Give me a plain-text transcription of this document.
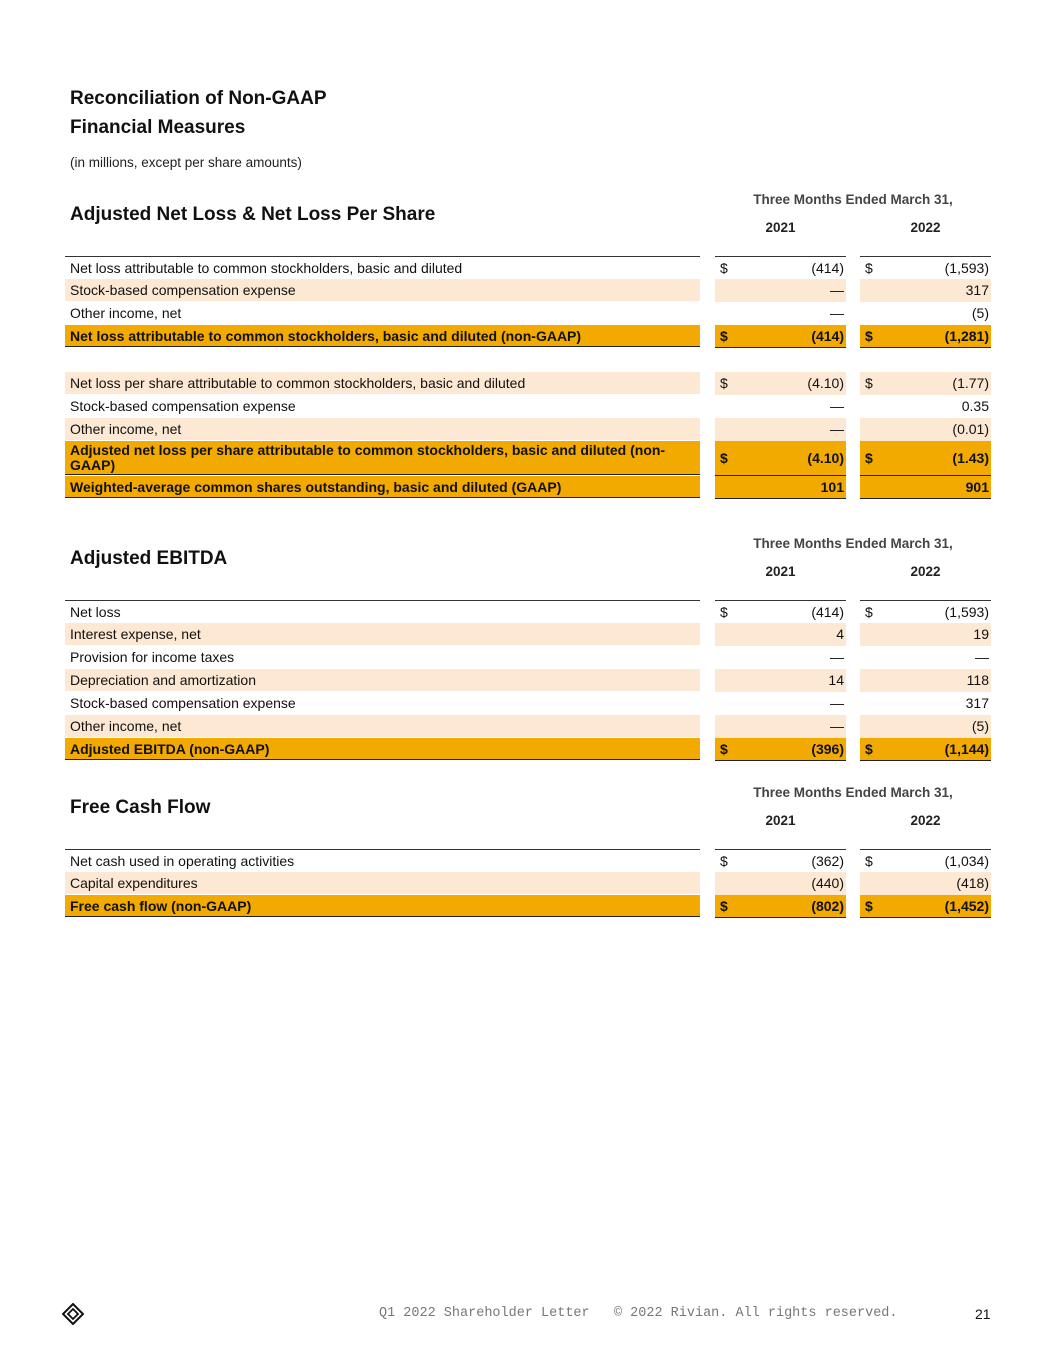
Reconciliation of Non-GAAP
Financial Measures
(in millions, except per share amounts)
Adjusted Net Loss & Net Loss Per Share
Three Months Ended March 31,
2021	2022
Net loss attributable to common stockholders, basic and diluted	$	(414) $	(1,593)
Stock-based compensation expense	—	317
Other income, net	—	(5)
Net loss attributable to common stockholders, basic and diluted (non-GAAP)	$	(414) $	(1,281)
Net loss per share attributable to common stockholders, basic and diluted	$	(4.10) $	(1.77)
Stock-based compensation expense	—	0.35
Other income, net	—	(0.01)
Adjusted net loss per share attributable to common stockholders, basic and diluted (non-GAAP)	$	(4.10) $	(1.43)
Weighted-average common shares outstanding, basic and diluted (GAAP)	101	901
Adjusted EBITDA
Three Months Ended March 31,
2021	2022
Net loss	$	(414) $	(1,593)
Interest expense, net	4	19
Provision for income taxes	—	—
Depreciation and amortization	14	118
Stock-based compensation expense	—	317
Other income, net	—	(5)
Adjusted EBITDA (non-GAAP)	$	(396) $	(1,144)
Free Cash Flow
Three Months Ended March 31,
2021	2022
Net cash used in operating activities	$	(362) $	(1,034)
Capital expenditures	(440)	(418)
Free cash flow (non-GAAP)	$	(802) $	(1,452)
Q1 2022 Shareholder Letter © 2022 Rivian. All rights reserved.	21
